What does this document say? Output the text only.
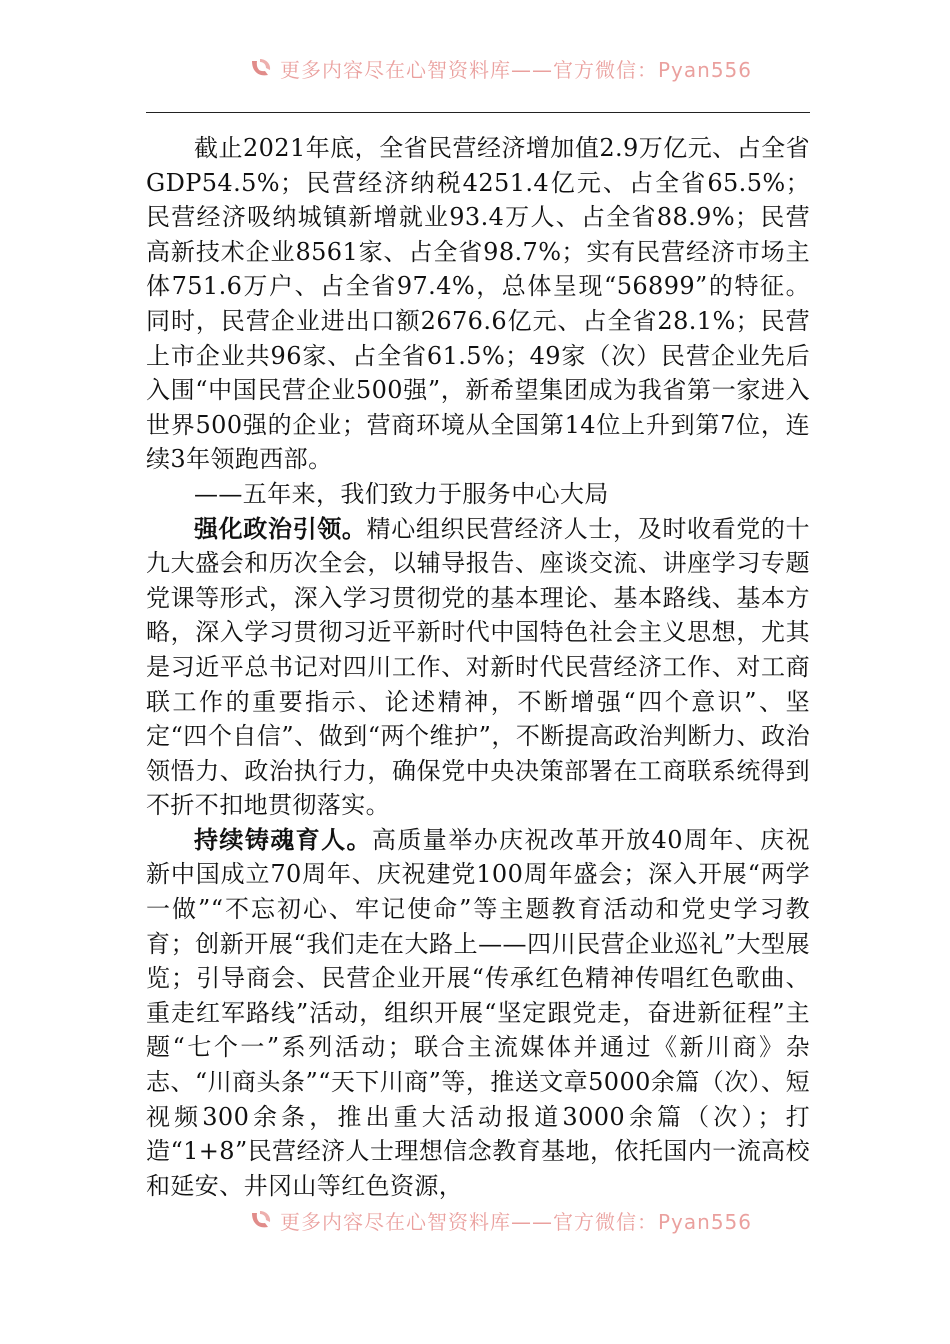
更多内容尽在心智资料库——官方微信：Pyan556

截止2021年底，全省民营经济增加值2.9万亿元、占全省GDP54.5%；民营经济纳税4251.4亿元、占全省65.5%；民营经济吸纳城镇新增就业93.4万人、占全省88.9%；民营高新技术企业8561家、占全省98.7%；实有民营经济市场主体751.6万户、占全省97.4%，总体呈现“56899”的特征。同时，民营企业进出口额2676.6亿元、占全省28.1%；民营上市企业共96家、占全省61.5%；49家（次）民营企业先后入围“中国民营企业500强”，新希望集团成为我省第一家进入世界500强的企业；营商环境从全国第14位上升到第7位，连续3年领跑西部。

——五年来，我们致力于服务中心大局

强化政治引领。精心组织民营经济人士，及时收看党的十九大盛会和历次全会，以辅导报告、座谈交流、讲座学习专题党课等形式，深入学习贯彻党的基本理论、基本路线、基本方略，深入学习贯彻习近平新时代中国特色社会主义思想，尤其是习近平总书记对四川工作、对新时代民营经济工作、对工商联工作的重要指示、论述精神，不断增强“四个意识”、坚定“四个自信”、做到“两个维护”，不断提高政治判断力、政治领悟力、政治执行力，确保党中央决策部署在工商联系统得到不折不扣地贯彻落实。

持续铸魂育人。高质量举办庆祝改革开放40周年、庆祝新中国成立70周年、庆祝建党100周年盛会；深入开展“两学一做”“不忘初心、牢记使命”等主题教育活动和党史学习教育；创新开展“我们走在大路上——四川民营企业巡礼”大型展览；引导商会、民营企业开展“传承红色精神传唱红色歌曲、重走红军路线”活动，组织开展“坚定跟党走，奋进新征程”主题“七个一”系列活动；联合主流媒体并通过《新川商》杂志、“川商头条”“天下川商”等，推送文章5000余篇（次）、短视频300余条，推出重大活动报道3000余篇（次）；打造“1+8”民营经济人士理想信念教育基地，依托国内一流高校和延安、井冈山等红色资源，

更多内容尽在心智资料库——官方微信：Pyan556
